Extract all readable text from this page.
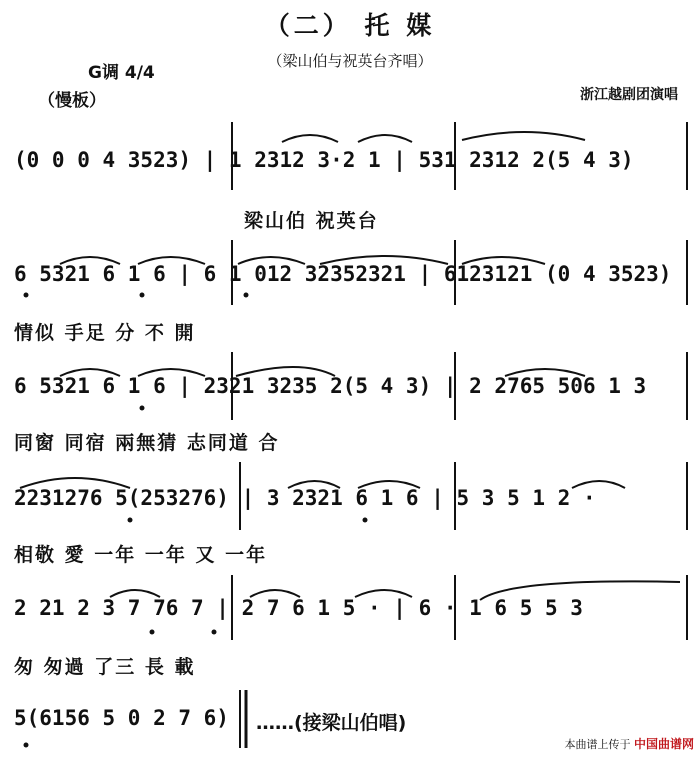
（二） 托 媒
（梁山伯与祝英台齐唱）
G调 4/4
（慢板）	浙江越剧团演唱
(0 0 0 4 3523) | 1 2312 3·2 1 | 531 2312 2(5 4 3)
梁山伯 祝英台
6 5321 6 1 6 | 6 1 012 32352321 | 6123121 (0 4 3523)
情似 手足 分 不 開
6 5321 6 1 6 | 2321 3235 2(5 4 3) | 2 2765 506 1 3
同窗 同宿 兩無猜 志同道 合
2231276 5(253276) | 3 2321 6 1 6 | 5 3 5 1 2 ·
相敬 愛 一年 一年 又 一年
2 21 2 3 7 76 7 | 2 7 6 1 5 · | 6 · 1 6 5 5 3
匆 匆過 了三 長 載
5(6156 5 0 2 7 6) ……(接梁山伯唱)
本曲谱上传于 中国曲谱网
